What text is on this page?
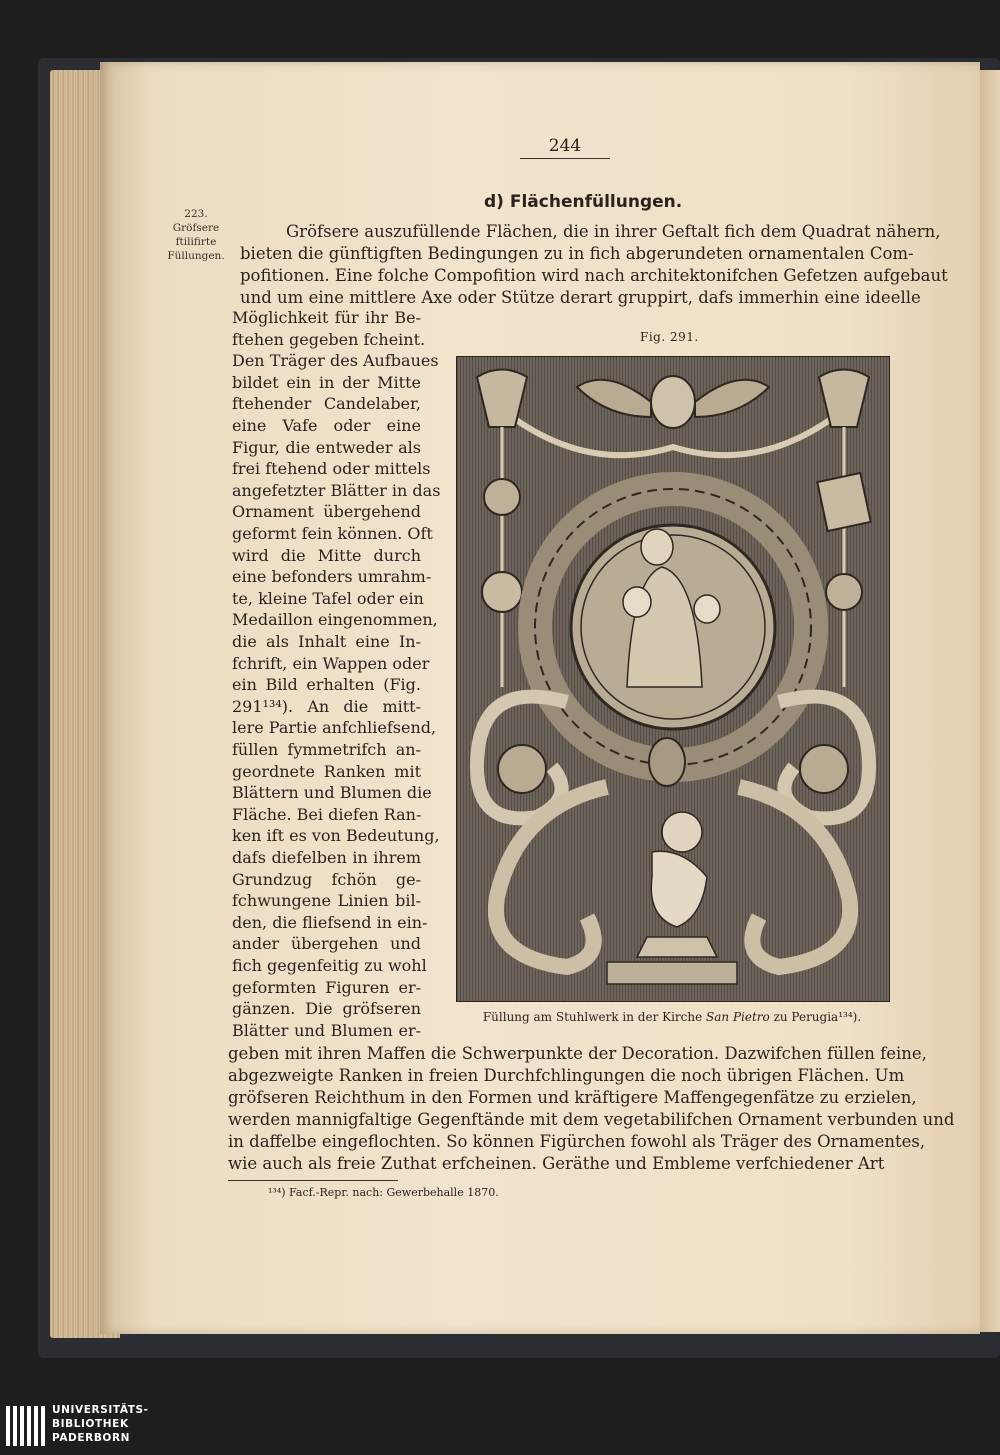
244
d) Flächenfüllungen.
223.
Gröfsere
ftilifirte
Füllungen.
Gröfsere auszufüllende Flächen, die in ihrer Geftalt fich dem Quadrat nähern,
bieten die günftigften Bedingungen zu in fich abgerundeten ornamentalen Com-
pofitionen. Eine folche Compofition wird nach architektonifchen Gefetzen aufgebaut
und um eine mittlere Axe oder Stütze derart gruppirt, dafs immerhin eine ideelle
Möglichkeit für ihr Be-
ftehen gegeben fcheint.
Den Träger des Aufbaues
bildet ein in der Mitte
ftehender Candelaber,
eine Vafe oder eine
Figur, die entweder als
frei ftehend oder mittels
angefetzter Blätter in das
Ornament übergehend
geformt fein können. Oft
wird die Mitte durch
eine befonders umrahm-
te, kleine Tafel oder ein
Medaillon eingenommen,
die als Inhalt eine In-
fchrift, ein Wappen oder
ein Bild erhalten (Fig.
291¹³⁴). An die mitt-
lere Partie anfchliefsend,
füllen fymmetrifch an-
geordnete Ranken mit
Blättern und Blumen die
Fläche. Bei diefen Ran-
ken ift es von Bedeutung,
dafs diefelben in ihrem
Grundzug fchön ge-
fchwungene Linien bil-
den, die fliefsend in ein-
ander übergehen und
fich gegenfeitig zu wohl
geformten Figuren er-
gänzen. Die gröfseren
Blätter und Blumen er-
Fig. 291.
Füllung am Stuhlwerk in der Kirche San Pietro zu Perugia¹³⁴).
geben mit ihren Maffen die Schwerpunkte der Decoration. Dazwifchen füllen feine,
abgezweigte Ranken in freien Durchfchlingungen die noch übrigen Flächen. Um
gröfseren Reichthum in den Formen und kräftigere Maffengegenfätze zu erzielen,
werden mannigfaltige Gegenftände mit dem vegetabilifchen Ornament verbunden und
in daffelbe eingeflochten. So können Figürchen fowohl als Träger des Ornamentes,
wie auch als freie Zuthat erfcheinen. Geräthe und Embleme verfchiedener Art
¹³⁴) Facf.-Repr. nach: Gewerbehalle 1870.
UNIVERSITÄTS-
BIBLIOTHEK
PADERBORN
